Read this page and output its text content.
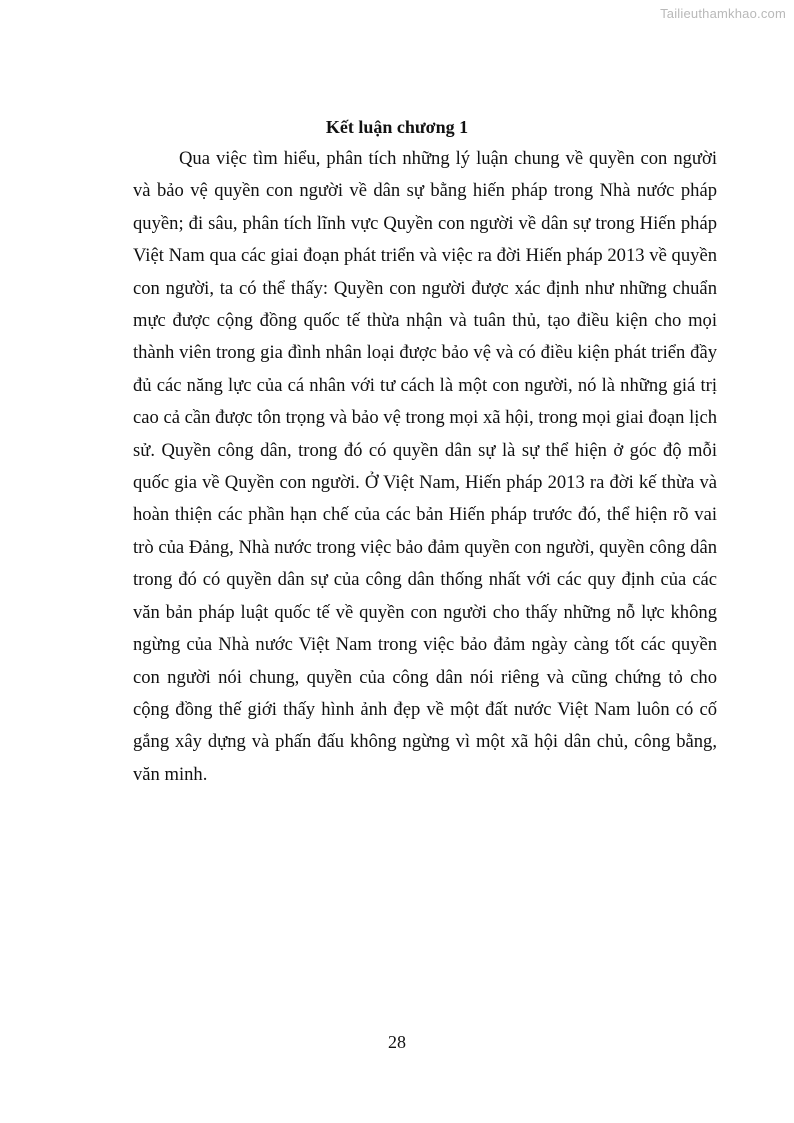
Tailieuthamkhao.com
Kết luận chương 1

Qua việc tìm hiểu, phân tích những lý luận chung về quyền con người và bảo vệ quyền con người về dân sự bằng hiến pháp trong Nhà nước pháp quyền; đi sâu, phân tích lĩnh vực Quyền con người về dân sự trong Hiến pháp Việt Nam qua các giai đoạn phát triển và việc ra đời Hiến pháp 2013 về quyền con người, ta có thể thấy: Quyền con người được xác định như những chuẩn mực được cộng đồng quốc tế thừa nhận và tuân thủ, tạo điều kiện cho mọi thành viên trong gia đình nhân loại được bảo vệ và có điều kiện phát triển đầy đủ các năng lực của cá nhân với tư cách là một con người, nó là những giá trị cao cả cần được tôn trọng và bảo vệ trong mọi xã hội, trong mọi giai đoạn lịch sử. Quyền công dân, trong đó có quyền dân sự là sự thể hiện ở góc độ mỗi quốc gia về Quyền con người. Ở Việt Nam, Hiến pháp 2013 ra đời kế thừa và hoàn thiện các phần hạn chế của các bản Hiến pháp trước đó, thể hiện rõ vai trò của Đảng, Nhà nước trong việc bảo đảm quyền con người, quyền công dân trong đó có quyền dân sự của công dân thống nhất với các quy định của các văn bản pháp luật quốc tế về quyền con người cho thấy những nỗ lực không ngừng của Nhà nước Việt Nam trong việc bảo đảm ngày càng tốt các quyền con người nói chung, quyền của công dân nói riêng và cũng chứng tỏ cho cộng đồng thế giới thấy hình ảnh đẹp về một đất nước Việt Nam luôn có cố gắng xây dựng và phấn đấu không ngừng vì một xã hội dân chủ, công bằng, văn minh.

28
